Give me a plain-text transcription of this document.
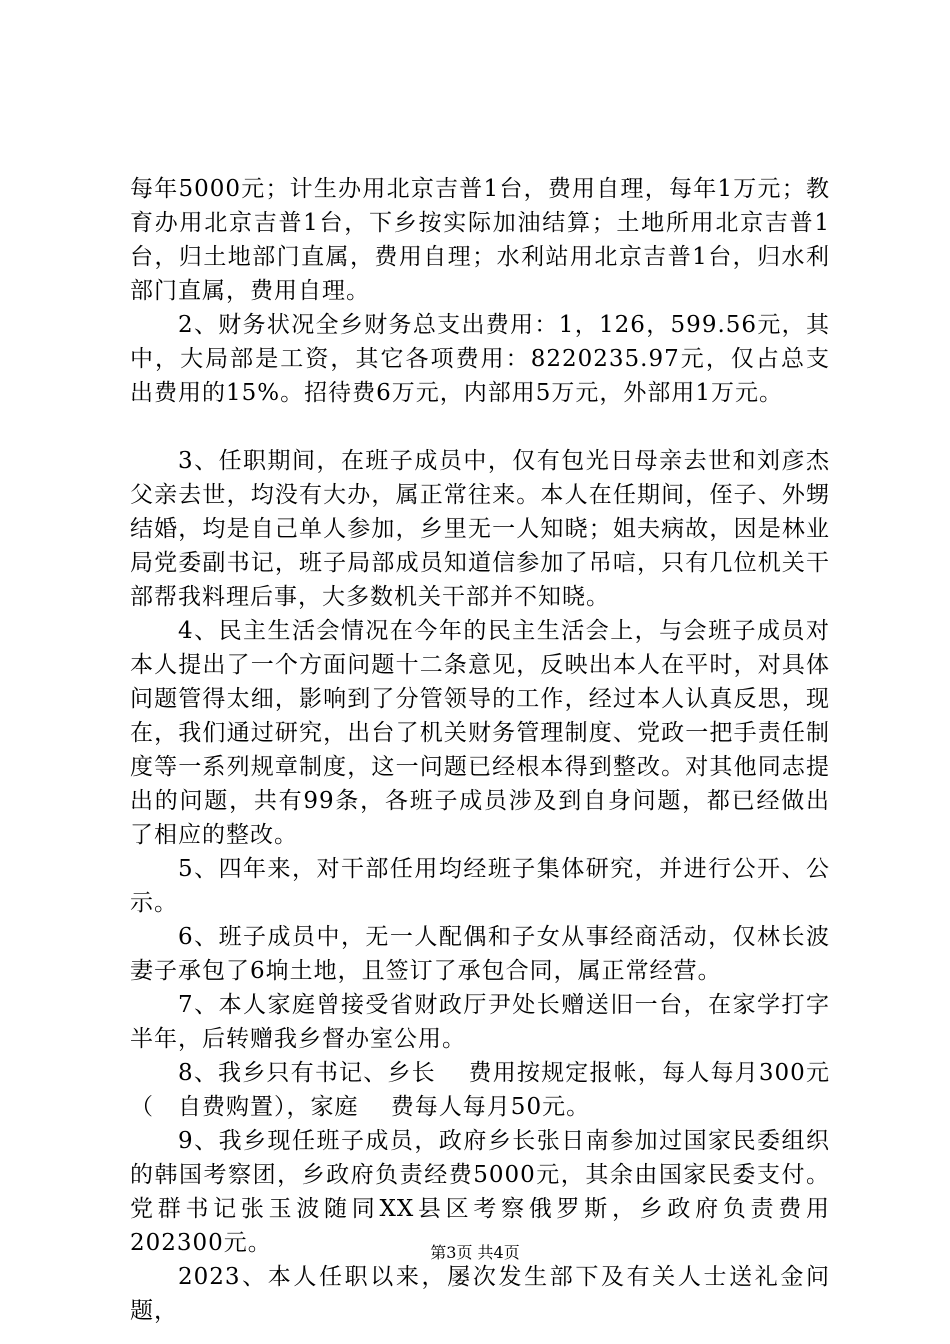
每年5000元；计生办用北京吉普1台，费用自理，每年1万元；教育办用北京吉普1台，下乡按实际加油结算；土地所用北京吉普1台，归土地部门直属，费用自理；水利站用北京吉普1台，归水利部门直属，费用自理。

2、财务状况全乡财务总支出费用：1，126，599.56元，其中，大局部是工资，其它各项费用：8220235.97元，仅占总支出费用的15%。招待费6万元，内部用5万元，外部用1万元。

3、任职期间，在班子成员中，仅有包光日母亲去世和刘彦杰父亲去世，均没有大办，属正常往来。本人在任期间，侄子、外甥结婚，均是自己单人参加，乡里无一人知晓；姐夫病故，因是林业局党委副书记，班子局部成员知道信参加了吊唁，只有几位机关干部帮我料理后事，大多数机关干部并不知晓。

4、民主生活会情况在今年的民主生活会上，与会班子成员对本人提出了一个方面问题十二条意见，反映出本人在平时，对具体问题管得太细，影响到了分管领导的工作，经过本人认真反思，现在，我们通过研究，出台了机关财务管理制度、党政一把手责任制度等一系列规章制度，这一问题已经根本得到整改。对其他同志提出的问题，共有99条，各班子成员涉及到自身问题，都已经做出了相应的整改。

5、四年来，对干部任用均经班子集体研究，并进行公开、公示。

6、班子成员中，无一人配偶和子女从事经商活动，仅林长波妻子承包了6垧土地，且签订了承包合同，属正常经营。

7、本人家庭曾接受省财政厅尹处长赠送旧一台，在家学打字半年，后转赠我乡督办室公用。

8、我乡只有书记、乡长　 费用按规定报帐，每人每月300元（　自费购置），家庭　 费每人每月50元。

9、我乡现任班子成员，政府乡长张日南参加过国家民委组织的韩国考察团，乡政府负责经费5000元，其余由国家民委支付。党群书记张玉波随同XX县区考察俄罗斯，乡政府负责费用202300元。

2023、本人任职以来，屡次发生部下及有关人士送礼金问题，

第3页 共4页
